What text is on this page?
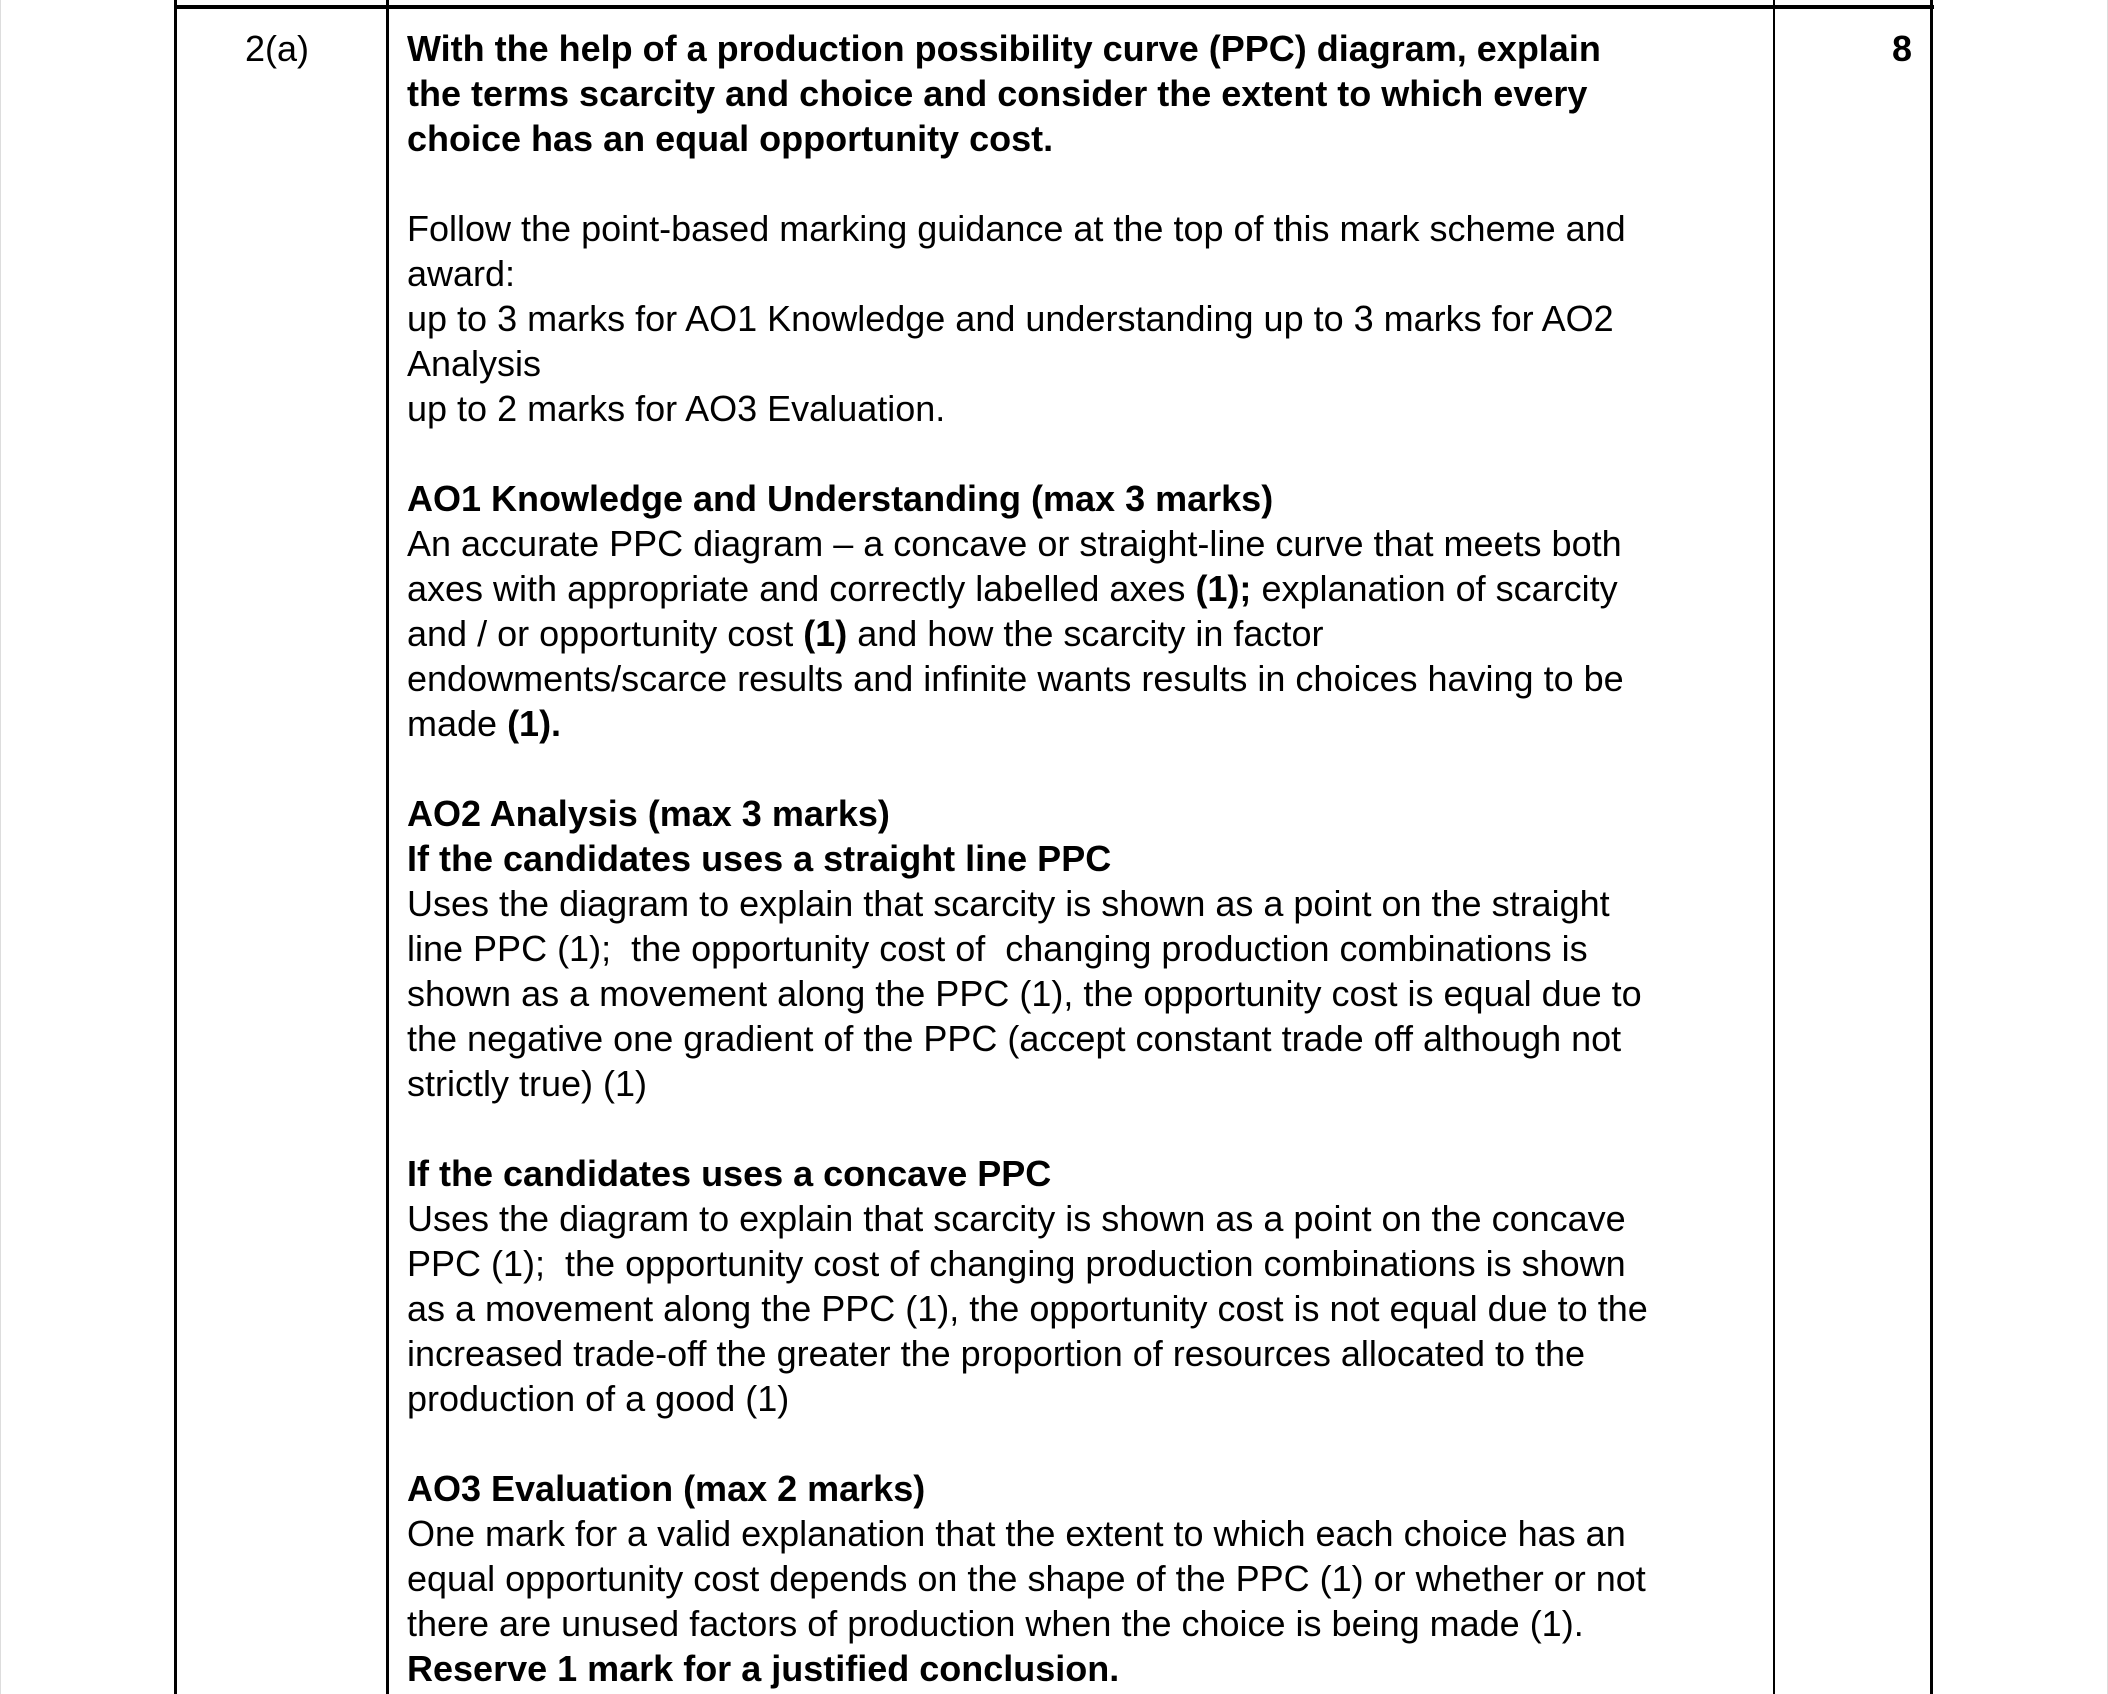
2(a)	With the help of a production possibility curve (PPC) diagram, explain
the terms scarcity and choice and consider the extent to which every
choice has an equal opportunity cost.
Follow the point-based marking guidance at the top of this mark scheme and
award:
up to 3 marks for AO1 Knowledge and understanding up to 3 marks for AO2
Analysis
up to 2 marks for AO3 Evaluation.
AO1 Knowledge and Understanding (max 3 marks)
An accurate PPC diagram – a concave or straight-line curve that meets both
axes with appropriate and correctly labelled axes (1); explanation of scarcity
and / or opportunity cost (1) and how the scarcity in factor
endowments/scarce results and infinite wants results in choices having to be
made (1).
AO2 Analysis (max 3 marks)
If the candidates uses a straight line PPC
Uses the diagram to explain that scarcity is shown as a point on the straight
line PPC (1);  the opportunity cost of  changing production combinations is
shown as a movement along the PPC (1), the opportunity cost is equal due to
the negative one gradient of the PPC (accept constant trade off although not
strictly true) (1)
If the candidates uses a concave PPC
Uses the diagram to explain that scarcity is shown as a point on the concave
PPC (1);  the opportunity cost of changing production combinations is shown
as a movement along the PPC (1), the opportunity cost is not equal due to the
increased trade-off the greater the proportion of resources allocated to the
production of a good (1)
AO3 Evaluation (max 2 marks)
One mark for a valid explanation that the extent to which each choice has an
equal opportunity cost depends on the shape of the PPC (1) or whether or not
there are unused factors of production when the choice is being made (1).
Reserve 1 mark for a justified conclusion.
8
